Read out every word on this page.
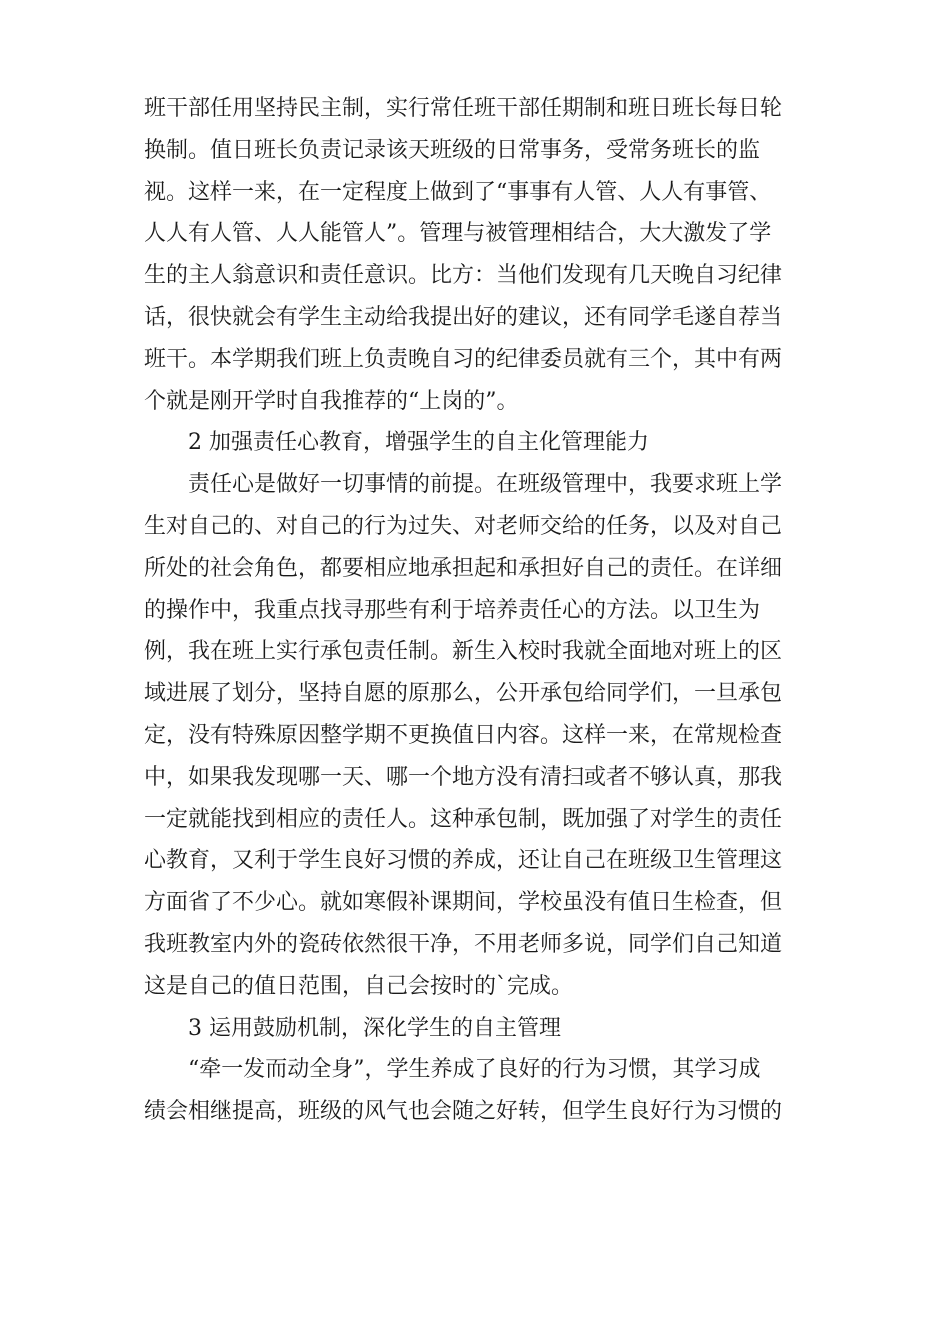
班干部任用坚持民主制，实行常任班干部任期制和班日班长每日轮
换制。值日班长负责记录该天班级的日常事务，受常务班长的监
视。这样一来，在一定程度上做到了“事事有人管、人人有事管、
人人有人管、人人能管人”。管理与被管理相结合，大大激发了学
生的主人翁意识和责任意识。比方：当他们发现有几天晚自习纪律
话，很快就会有学生主动给我提出好的建议，还有同学毛遂自荐当
班干。本学期我们班上负责晚自习的纪律委员就有三个，其中有两
个就是刚开学时自我推荐的“上岗的”。
2 加强责任心教育，增强学生的自主化管理能力
责任心是做好一切事情的前提。在班级管理中，我要求班上学
生对自己的、对自己的行为过失、对老师交给的任务，以及对自己
所处的社会角色，都要相应地承担起和承担好自己的责任。在详细
的操作中，我重点找寻那些有利于培养责任心的方法。以卫生为
例，我在班上实行承包责任制。新生入校时我就全面地对班上的区
域进展了划分，坚持自愿的原那么，公开承包给同学们，一旦承包
定，没有特殊原因整学期不更换值日内容。这样一来，在常规检查
中，如果我发现哪一天、哪一个地方没有清扫或者不够认真，那我
一定就能找到相应的责任人。这种承包制，既加强了对学生的责任
心教育，又利于学生良好习惯的养成，还让自己在班级卫生管理这
方面省了不少心。就如寒假补课期间，学校虽没有值日生检查，但
我班教室内外的瓷砖依然很干净，不用老师多说，同学们自己知道
这是自己的值日范围，自己会按时的`完成。
3 运用鼓励机制，深化学生的自主管理
“牵一发而动全身”，学生养成了良好的行为习惯，其学习成
绩会相继提高，班级的风气也会随之好转，但学生良好行为习惯的
